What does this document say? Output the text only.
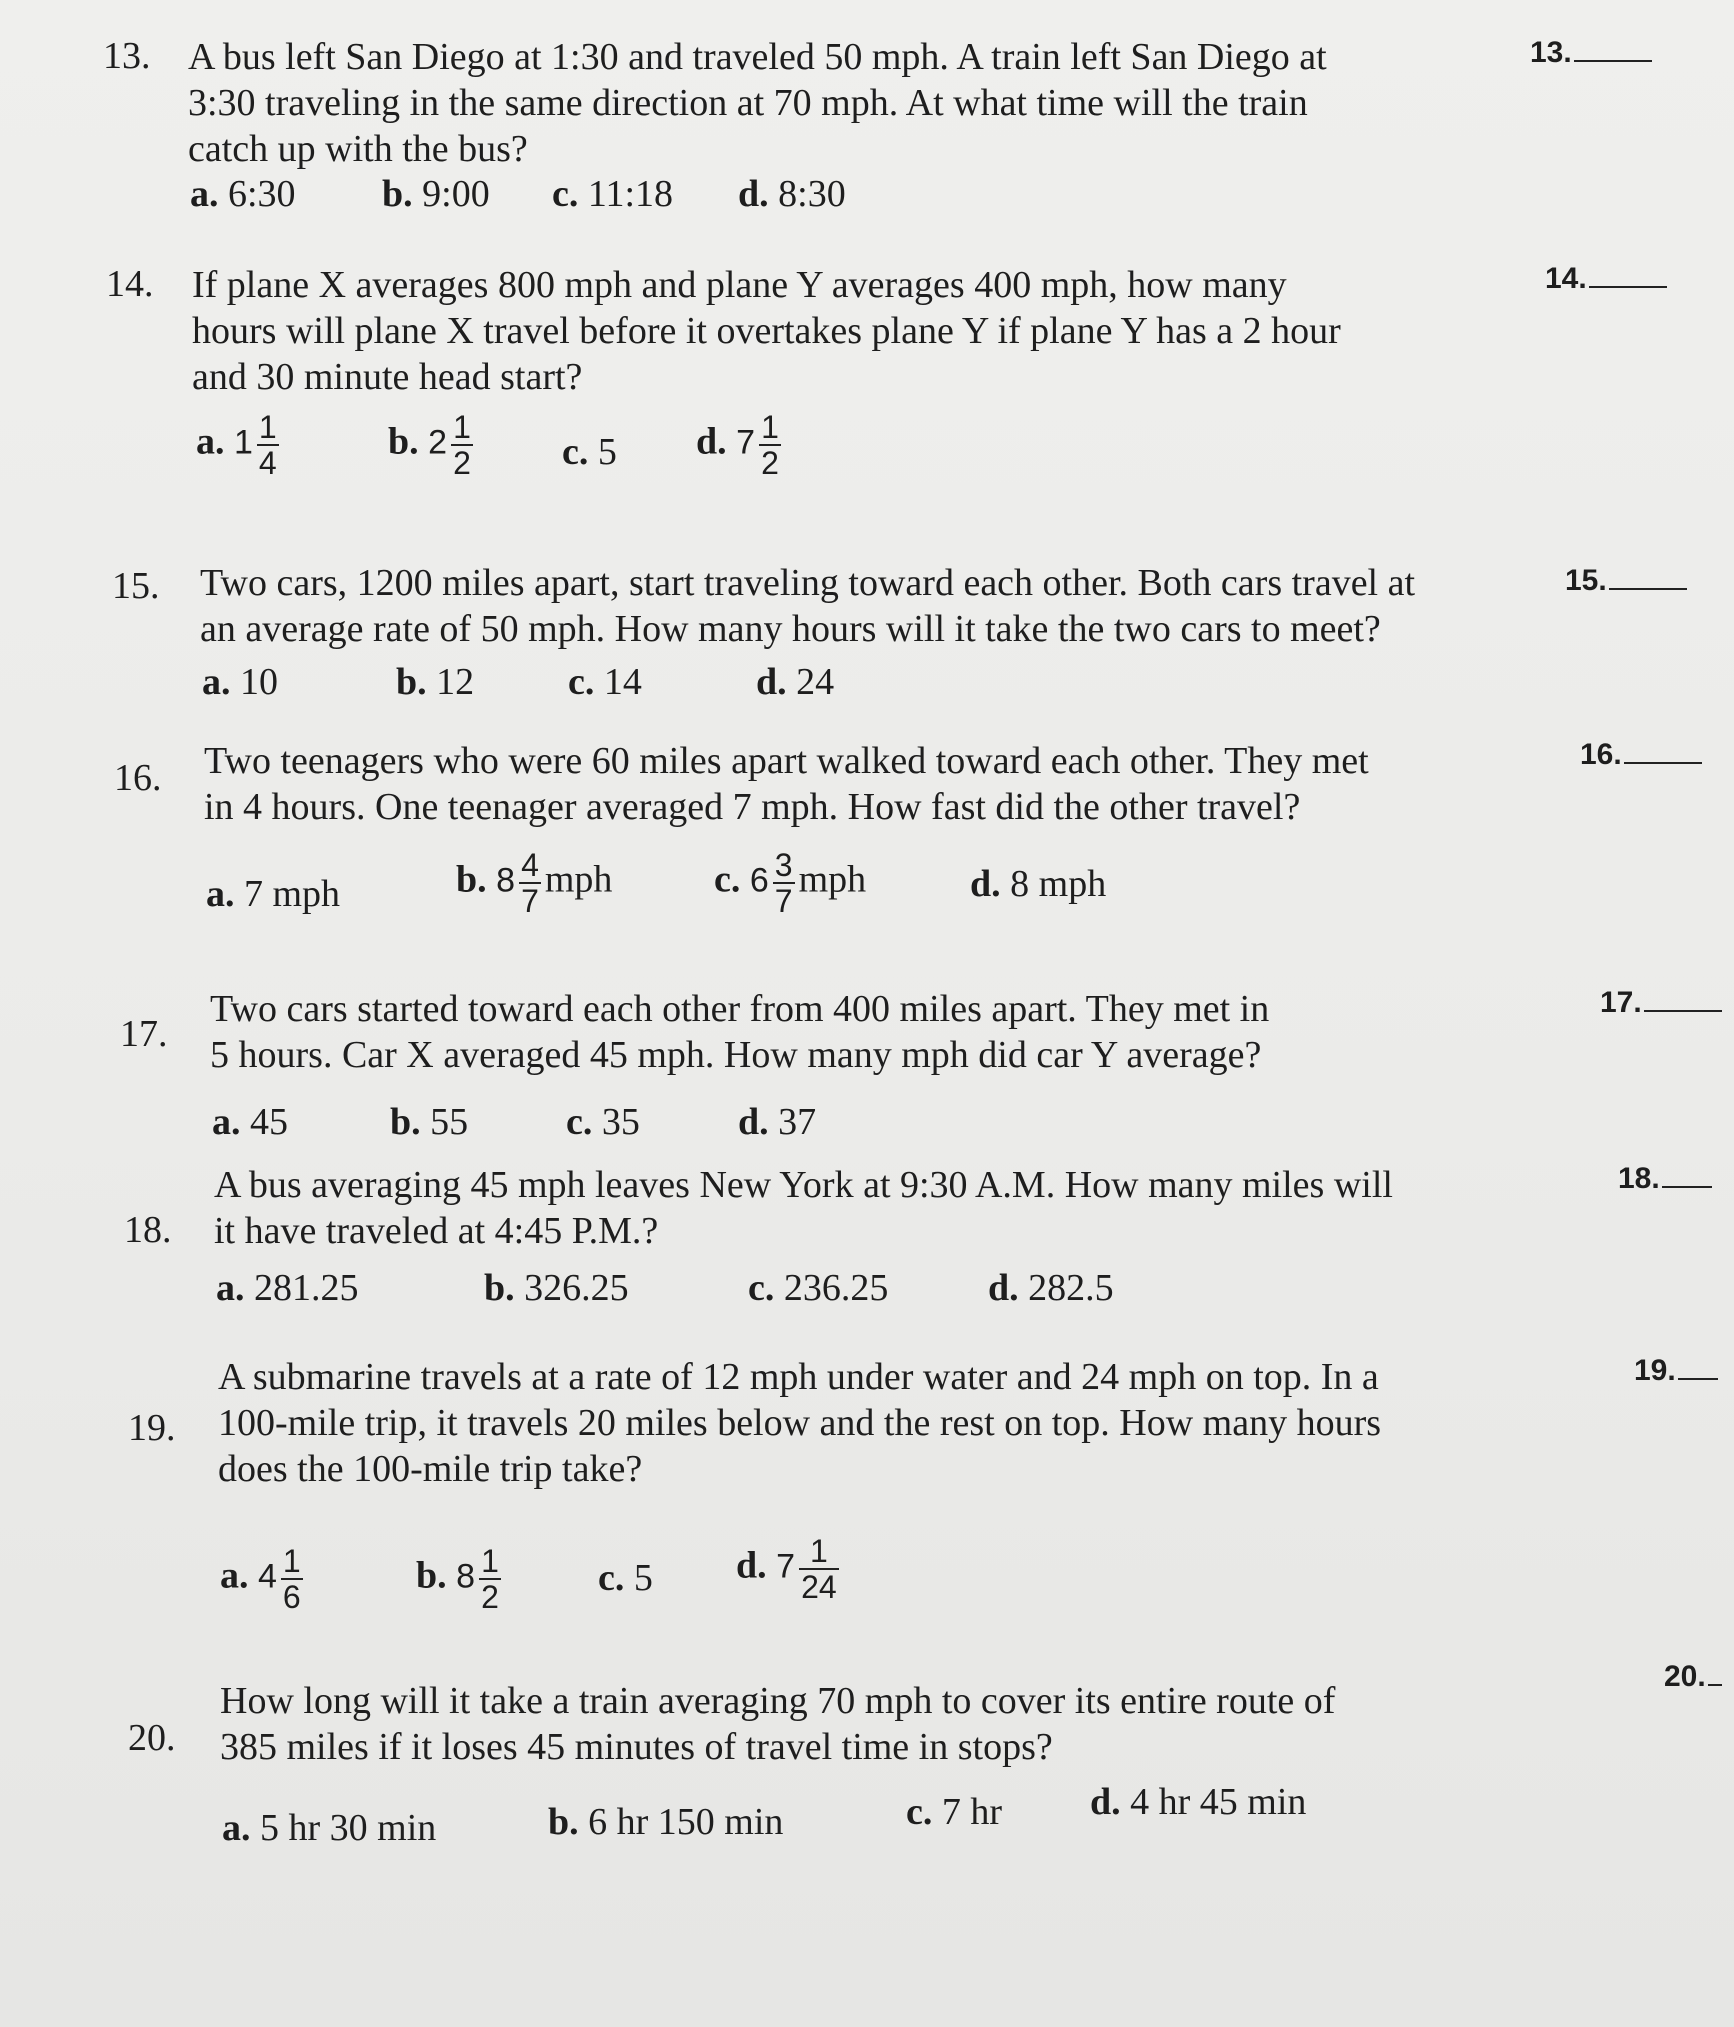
13. A bus left San Diego at 1:30 and traveled 50 mph. A train left San Diego at
3:30 traveling in the same direction at 70 mph. At what time will the train
catch up with the bus?
a. 6:30 b. 9:00 c. 11:18 d. 8:30
13.
14. If plane X averages 800 mph and plane Y averages 400 mph, how many
hours will plane X travel before it overtakes plane Y if plane Y has a 2 hour
and 30 minute head start?
a. $1 \frac{1}{4}$	b. $2 \frac{1}{2} c$. 5 d. $7 \frac{1}{2}$
14.
15. Two cars, 1200 miles apart, start traveling toward each other. Both cars travel at
an average rate of 50 mph. How many hours will it take the two cars to meet?
a. 10	b. 12 c. 14	d. 24
15.
16. Two teenagers who were 60 miles apart walked toward each other. They met
in 4 hours. One teenager averaged 7 mph. How fast did the other travel?
a. 7 mph	b. $8 \frac{4}{7}$ mph	c. $6 \frac{3}{7}$ mph	d. 8 mph
16.
17.
Two cars started toward each other from 400 miles apart. They met in
5 hours. Car X averaged 45 mph. How many mph did car Y average?
a. 45	b. 55	c. 35	d. 37
17.
18.
A bus averaging 45 mph leaves New York at 9:30 A.M. How many miles will
it have traveled at 4:45 P.M.?
a. 281.25	b. 326.25	c. 236.25	d. 282.5
18.
19.
A submarine travels at a rate of 12 mph under water and 24 mph on top. In a
100-mile trip, it travels 20 miles below and the rest on top. How many hours
does the 100-mile trip take?
a. $4 \frac{1}{6}$	b. $8 \frac{1}{2}$	c. 5 d. $7 \frac{1}{24}$
19.
20.
How long will it take a train averaging 70 mph to cover its entire route of
385 miles if it loses 45 minutes of travel time in stops?
a. 5 hr 30 min	b. 6 hr 150 min	c. 7 hr d. 4 hr 45 min
20.
